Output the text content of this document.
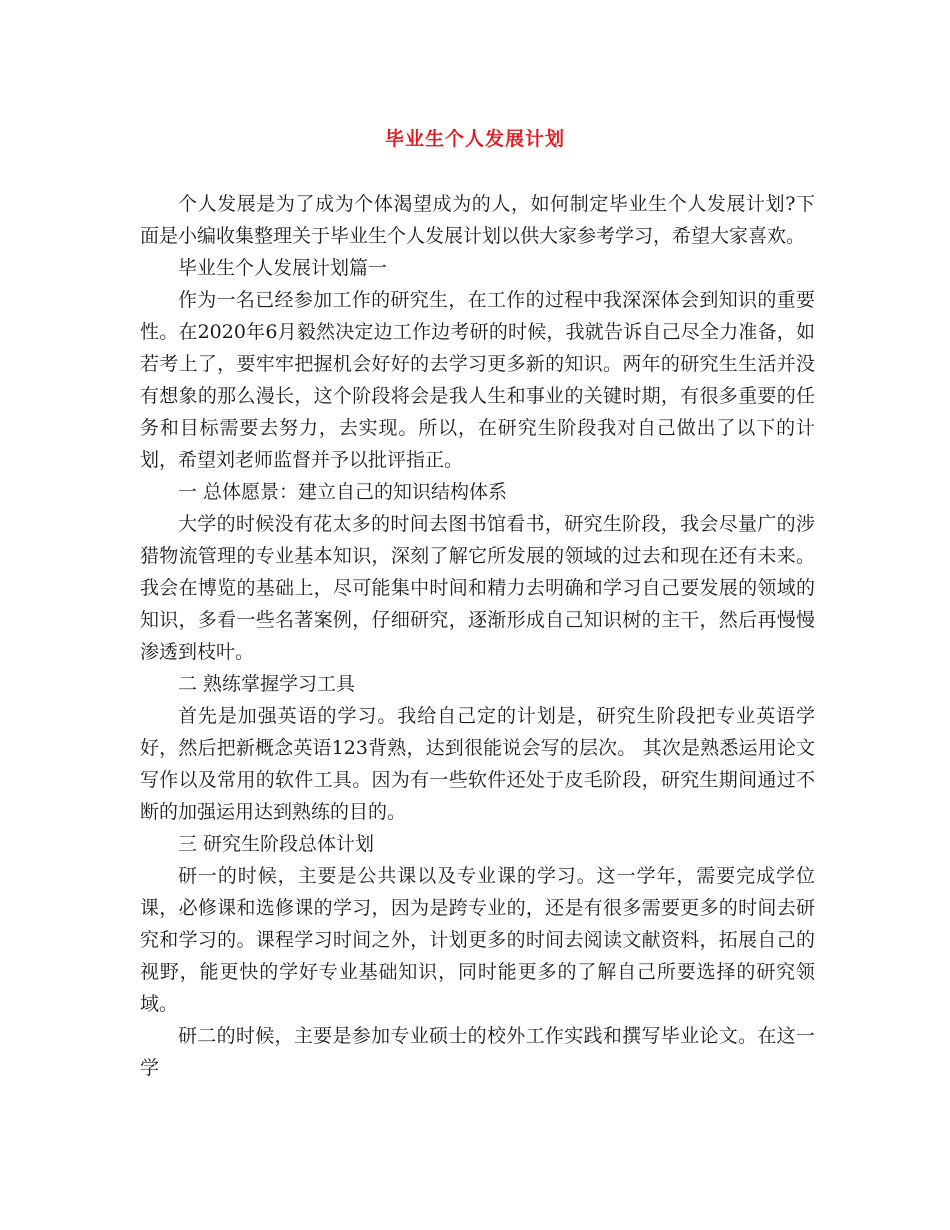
毕业生个人发展计划

个人发展是为了成为个体渴望成为的人，如何制定毕业生个人发展计划?下面是小编收集整理关于毕业生个人发展计划以供大家参考学习，希望大家喜欢。

毕业生个人发展计划篇一

作为一名已经参加工作的研究生，在工作的过程中我深深体会到知识的重要性。在2020年6月毅然决定边工作边考研的时候，我就告诉自己尽全力准备，如若考上了，要牢牢把握机会好好的去学习更多新的知识。两年的研究生生活并没有想象的那么漫长，这个阶段将会是我人生和事业的关键时期，有很多重要的任务和目标需要去努力，去实现。所以，在研究生阶段我对自己做出了以下的计划，希望刘老师监督并予以批评指正。

一 总体愿景：建立自己的知识结构体系

大学的时候没有花太多的时间去图书馆看书，研究生阶段，我会尽量广的涉猎物流管理的专业基本知识，深刻了解它所发展的领域的过去和现在还有未来。我会在博览的基础上，尽可能集中时间和精力去明确和学习自己要发展的领域的知识，多看一些名著案例，仔细研究，逐渐形成自己知识树的主干，然后再慢慢渗透到枝叶。

二 熟练掌握学习工具

首先是加强英语的学习。我给自己定的计划是，研究生阶段把专业英语学好，然后把新概念英语123背熟，达到很能说会写的层次。 其次是熟悉运用论文写作以及常用的软件工具。因为有一些软件还处于皮毛阶段，研究生期间通过不断的加强运用达到熟练的目的。

三 研究生阶段总体计划

研一的时候，主要是公共课以及专业课的学习。这一学年，需要完成学位课，必修课和选修课的学习，因为是跨专业的，还是有很多需要更多的时间去研究和学习的。课程学习时间之外，计划更多的时间去阅读文献资料，拓展自己的视野，能更快的学好专业基础知识，同时能更多的了解自己所要选择的研究领域。

研二的时候，主要是参加专业硕士的校外工作实践和撰写毕业论文。在这一学
